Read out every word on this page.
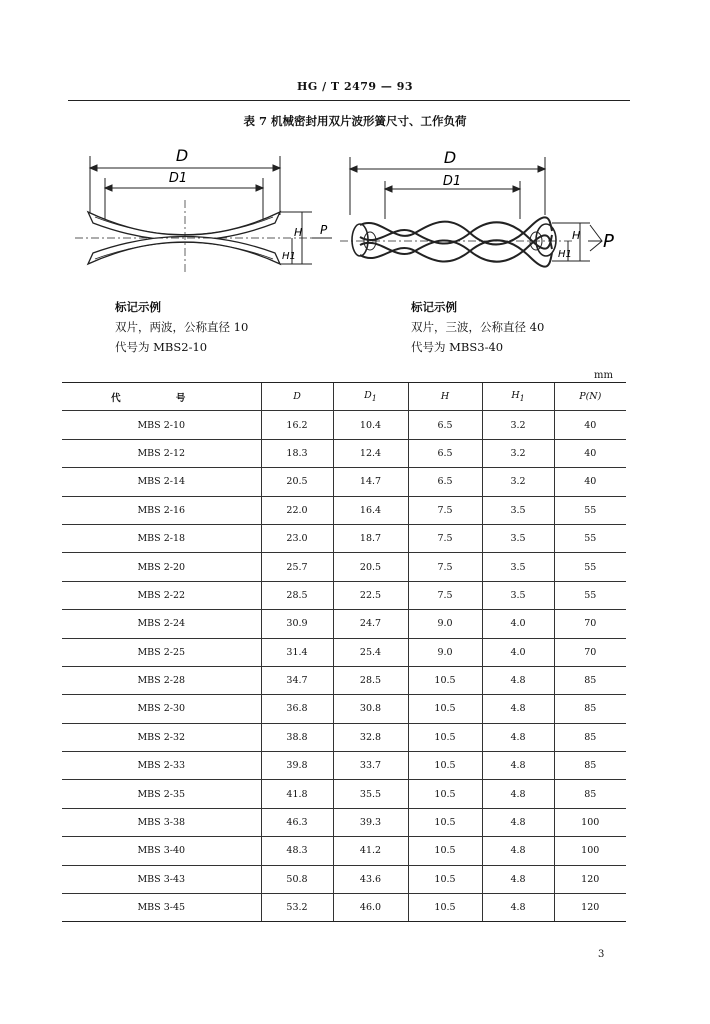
HG / T 2479 — 93
表 7 机械密封用双片波形簧尺寸、工作负荷
D
D1
H
H1
P
D
D1
H
H1
P
标记示例
双片，两波，公称直径 10
代号为 MBS2-10
标记示例
双片，三波，公称直径 40
代号为 MBS3-40
mm
代 号	D	$D_1$	H	$H_1$	P(N)
MBS 2-10	16.2	10.4	6.5	3.2	40
MBS 2-12	18.3	12.4	6.5	3.2	40
MBS 2-14	20.5	14.7	6.5	3.2	40
MBS 2-16	22.0	16.4	7.5	3.5	55
MBS 2-18	23.0	18.7	7.5	3.5	55
MBS 2-20	25.7	20.5	7.5	3.5	55
MBS 2-22	28.5	22.5	7.5	3.5	55
MBS 2-24	30.9	24.7	9.0	4.0	70
MBS 2-25	31.4	25.4	9.0	4.0	70
MBS 2-28	34.7	28.5	10.5	4.8	85
MBS 2-30	36.8	30.8	10.5	4.8	85
MBS 2-32	38.8	32.8	10.5	4.8	85
MBS 2-33	39.8	33.7	10.5	4.8	85
MBS 2-35	41.8	35.5	10.5	4.8	85
MBS 3-38	46.3	39.3	10.5	4.8	100
MBS 3-40	48.3	41.2	10.5	4.8	100
MBS 3-43	50.8	43.6	10.5	4.8	120
MBS 3-45	53.2	46.0	10.5	4.8	120
3
